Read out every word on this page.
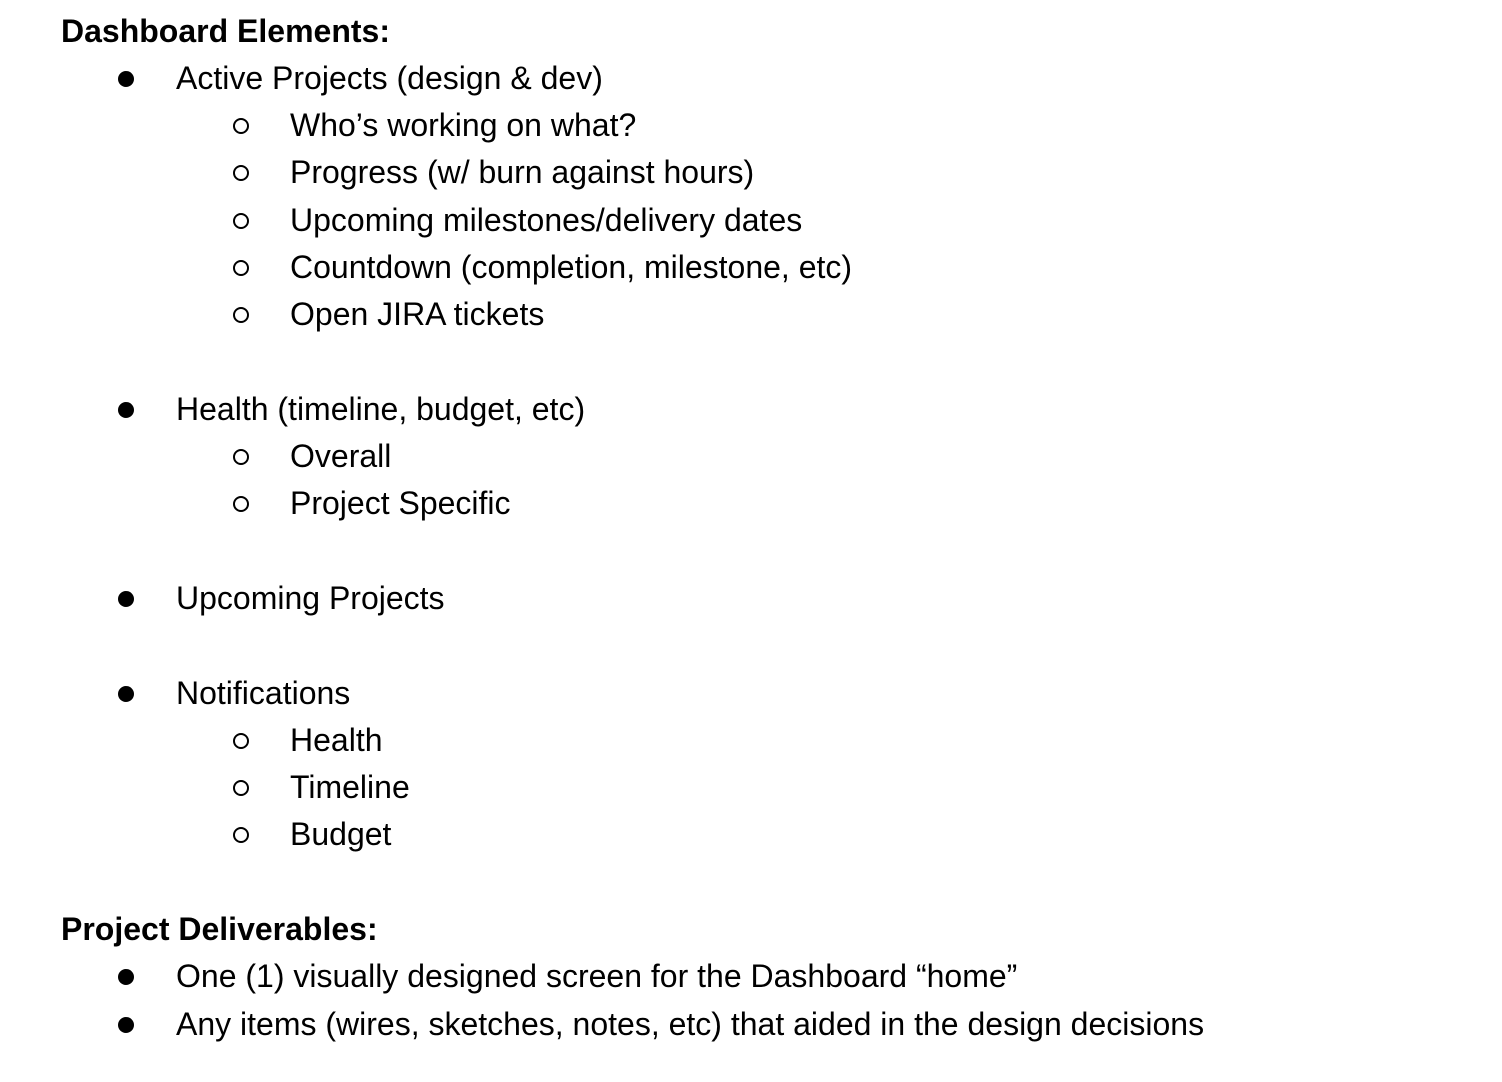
Dashboard Elements:
Active Projects (design & dev)
Who’s working on what?
Progress (w/ burn against hours)
Upcoming milestones/delivery dates
Countdown (completion, milestone, etc)
Open JIRA tickets
Health (timeline, budget, etc)
Overall
Project Specific
Upcoming Projects
Notifications
Health
Timeline
Budget
Project Deliverables:
One (1) visually designed screen for the Dashboard “home”
Any items (wires, sketches, notes, etc) that aided in the design decisions
